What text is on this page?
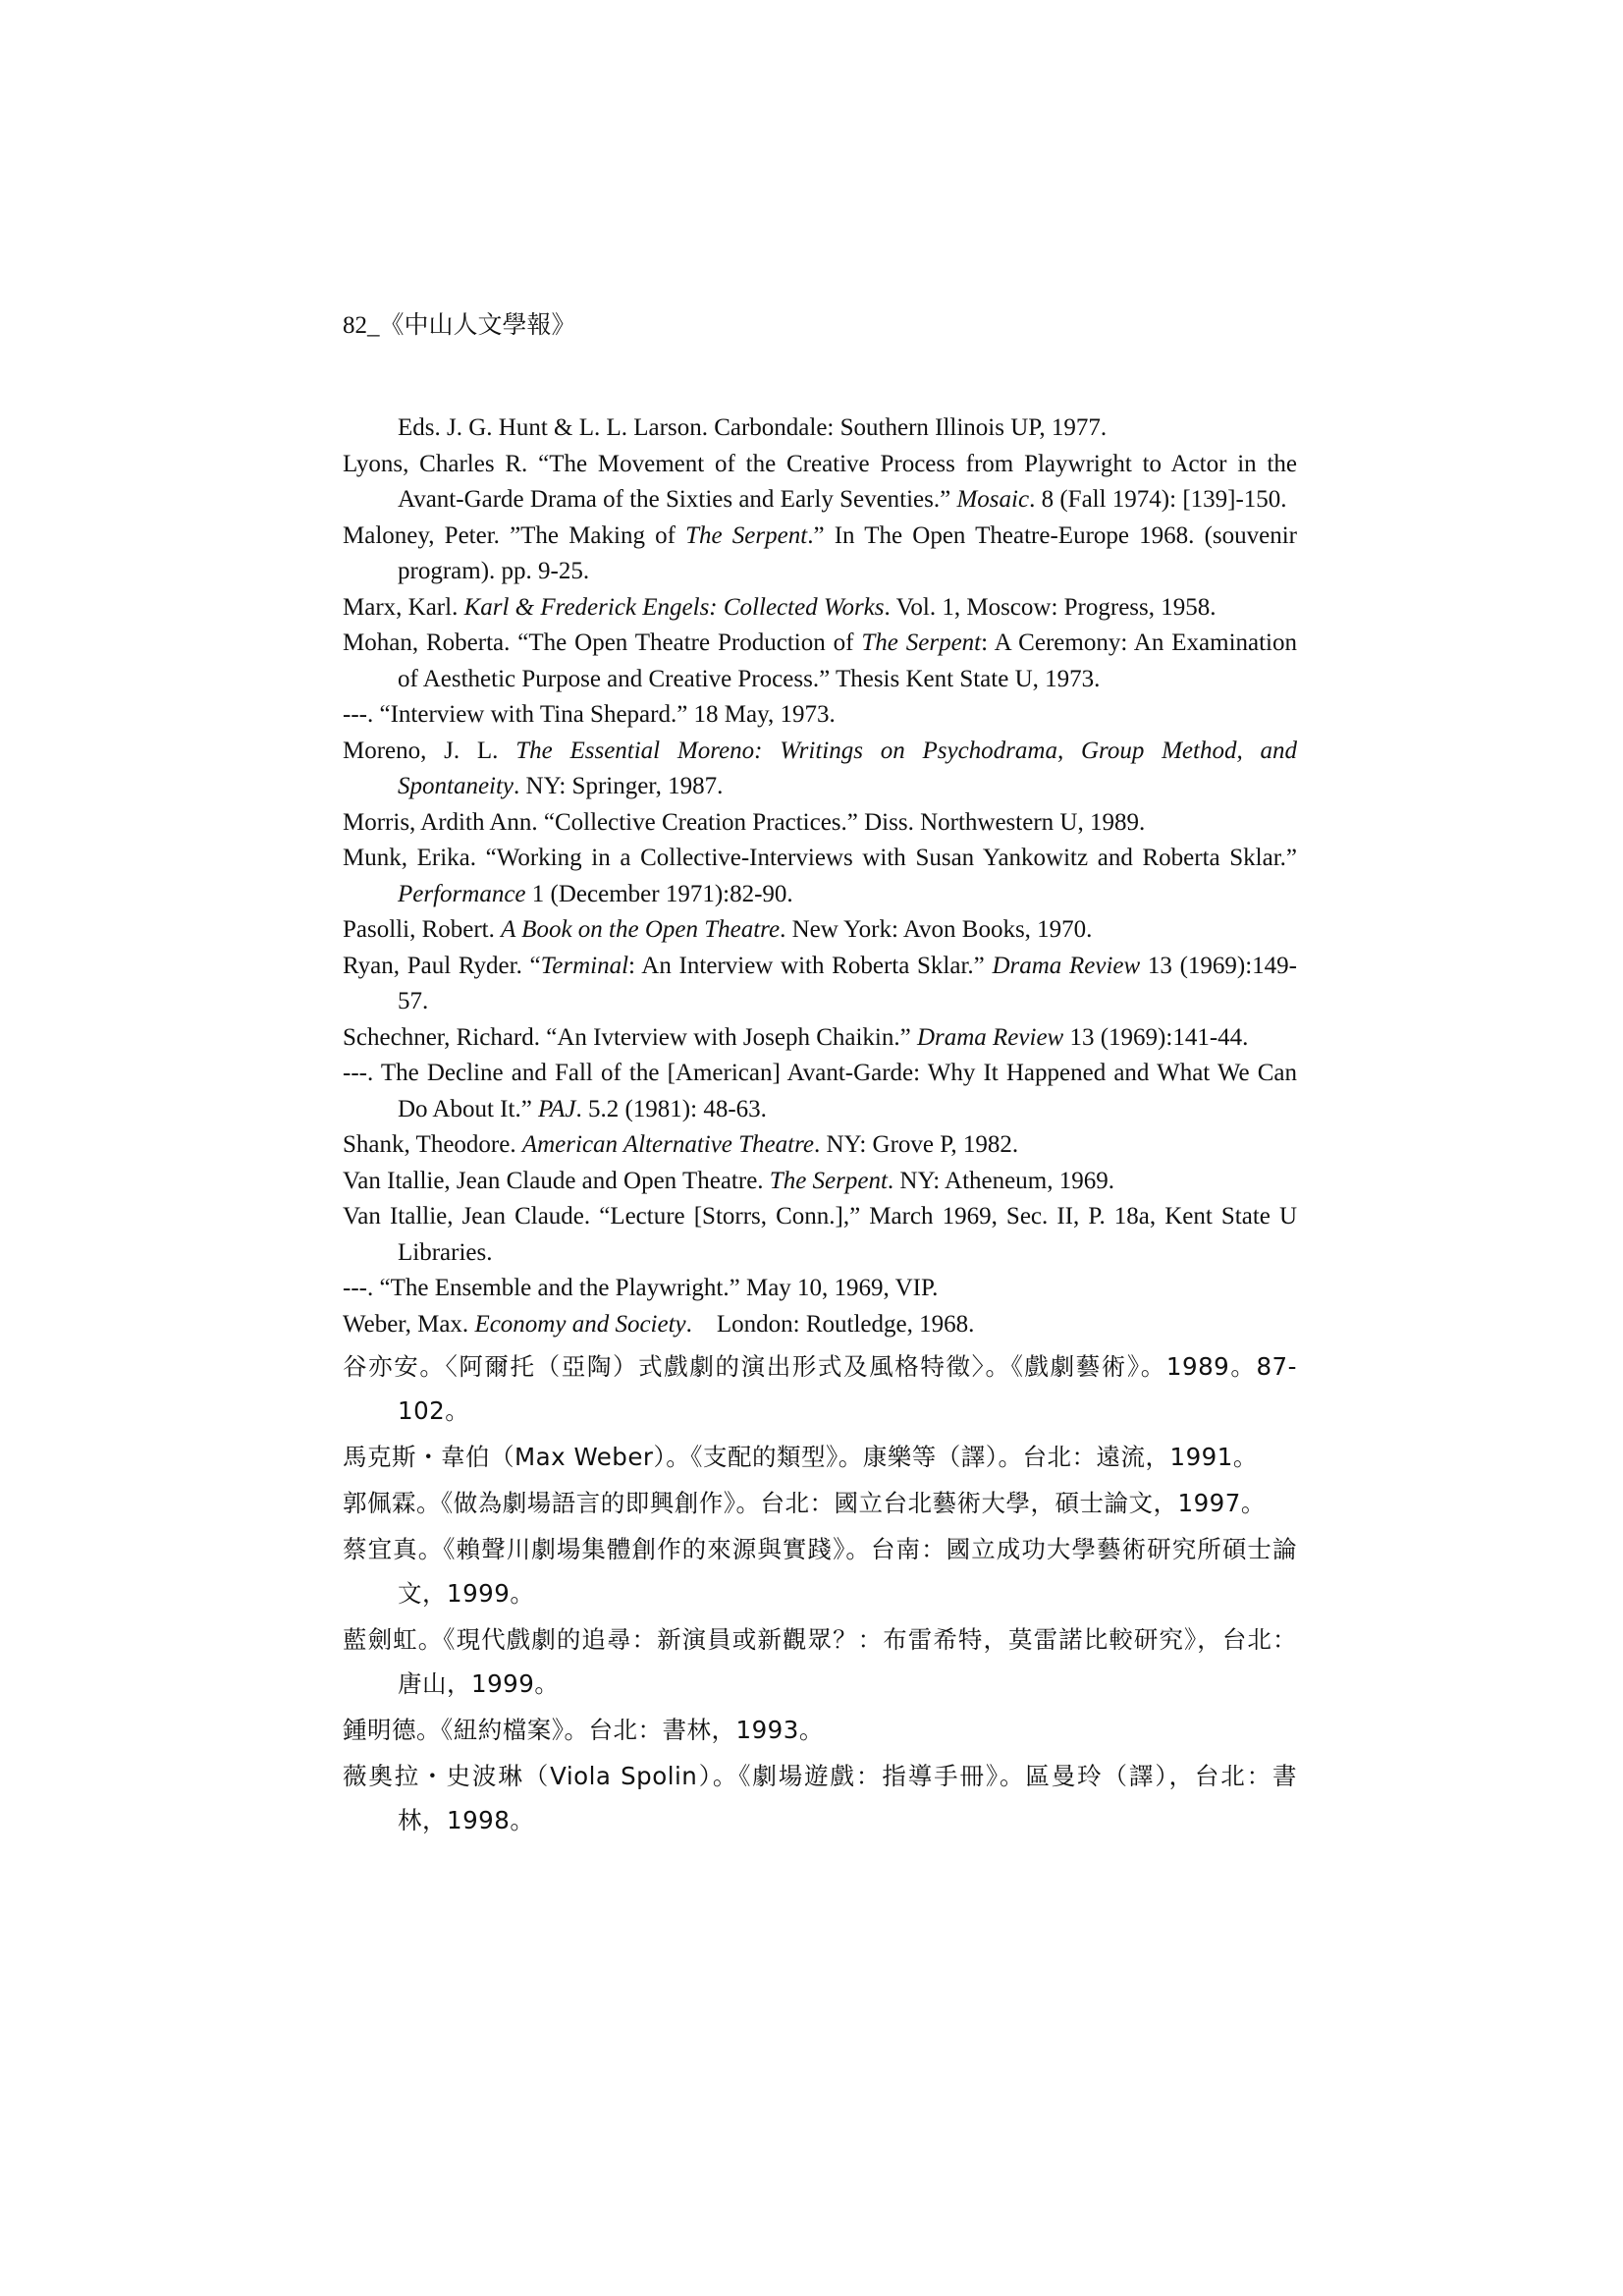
82_《中山人文學報》

Eds. J. G. Hunt & L. L. Larson. Carbondale: Southern Illinois UP, 1977.

Lyons, Charles R. “The Movement of the Creative Process from Playwright to Actor in the Avant-Garde Drama of the Sixties and Early Seventies.” Mosaic. 8 (Fall 1974): [139]-150.

Maloney, Peter. ”The Making of The Serpent.” In The Open Theatre-Europe 1968. (souvenir program). pp. 9-25.

Marx, Karl. Karl & Frederick Engels: Collected Works. Vol. 1, Moscow: Progress, 1958.

Mohan, Roberta. “The Open Theatre Production of The Serpent: A Ceremony: An Examination of Aesthetic Purpose and Creative Process.” Thesis Kent State U, 1973.

---. “Interview with Tina Shepard.” 18 May, 1973.

Moreno, J. L. The Essential Moreno: Writings on Psychodrama, Group Method, and Spontaneity. NY: Springer, 1987.

Morris, Ardith Ann. “Collective Creation Practices.” Diss. Northwestern U, 1989.

Munk, Erika. “Working in a Collective-Interviews with Susan Yankowitz and Roberta Sklar.” Performance 1 (December 1971):82-90.

Pasolli, Robert. A Book on the Open Theatre. New York: Avon Books, 1970.

Ryan, Paul Ryder. “Terminal: An Interview with Roberta Sklar.” Drama Review 13 (1969):149-57.

Schechner, Richard. “An Ivterview with Joseph Chaikin.” Drama Review 13 (1969):141-44.

---. The Decline and Fall of the [American] Avant-Garde: Why It Happened and What We Can Do About It.” PAJ. 5.2 (1981): 48-63.

Shank, Theodore. American Alternative Theatre. NY: Grove P, 1982.

Van Itallie, Jean Claude and Open Theatre. The Serpent. NY: Atheneum, 1969.

Van Itallie, Jean Claude. “Lecture [Storrs, Conn.],” March 1969, Sec. II, P. 18a, Kent State U Libraries.

---. “The Ensemble and the Playwright.” May 10, 1969, VIP.

Weber, Max. Economy and Society.　London: Routledge, 1968.

谷亦安。〈阿爾托（亞陶）式戲劇的演出形式及風格特徵〉。《戲劇藝術》。1989。87-102。

馬克斯・韋伯（Max Weber）。《支配的類型》。康樂等（譯）。台北：遠流，1991。

郭佩霖。《做為劇場語言的即興創作》。台北：國立台北藝術大學，碩士論文，1997。

蔡宜真。《賴聲川劇場集體創作的來源與實踐》。台南：國立成功大學藝術研究所碩士論文，1999。

藍劍虹。《現代戲劇的追尋：新演員或新觀眾？：布雷希特，莫雷諾比較研究》，台北：唐山，1999。

鍾明德。《紐約檔案》。台北：書林，1993。

薇奧拉・史波琳（Viola Spolin）。《劇場遊戲：指導手冊》。區曼玲（譯），台北：書林，1998。
